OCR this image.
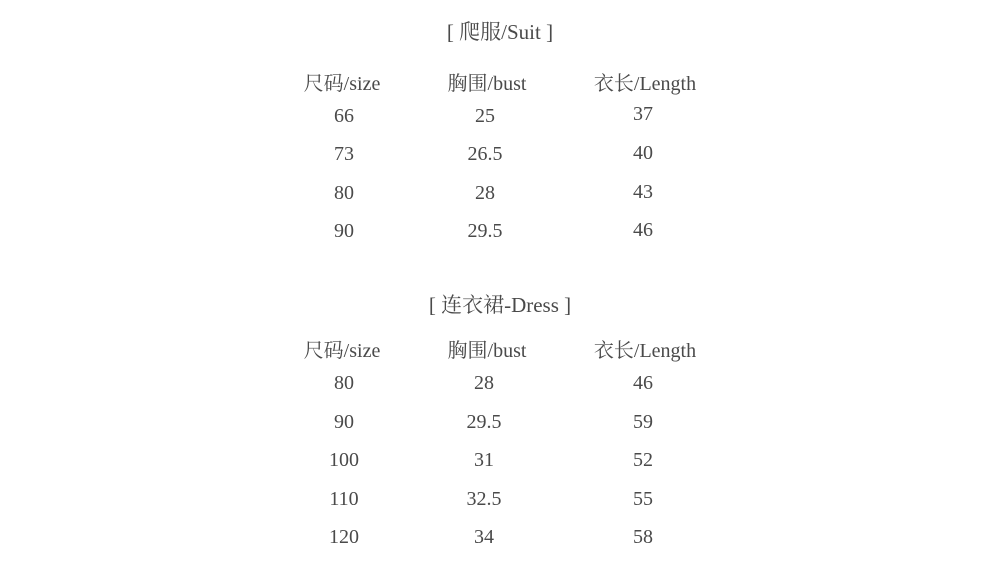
[ 爬服/Suit ]
尺码/size	胸围/bust	衣长/Length
66	25	37
73	26.5	40
80	28	43
90	29.5	46
[ 连衣裙-Dress ]
尺码/size	胸围/bust	衣长/Length
80	28	46
90	29.5	59
100	31	52
110	32.5	55
120	34	58
